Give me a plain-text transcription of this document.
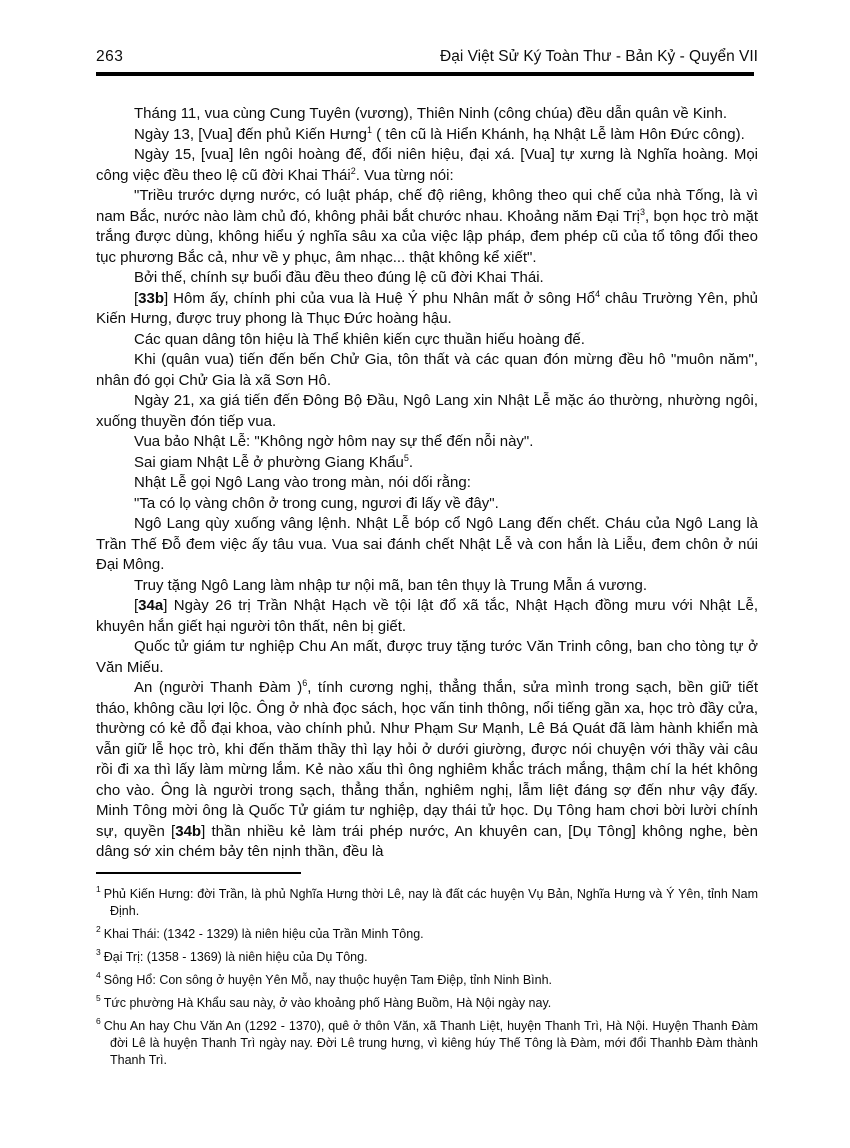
263	Đại Việt Sử Ký Toàn Thư - Bản Kỷ - Quyển VII

Tháng 11, vua cùng Cung Tuyên (vương), Thiên Ninh (công chúa) đều dẫn quân về Kinh.

Ngày 13, [Vua] đến phủ Kiến Hưng$^1$ ( tên cũ là Hiển Khánh, hạ Nhật Lễ làm Hôn Đức công).

Ngày 15, [vua] lên ngôi hoàng đế, đổi niên hiệu, đại xá. [Vua] tự xưng là Nghĩa hoàng. Mọi công việc đều theo lệ cũ đời Khai Thái$^2$. Vua từng nói:

"Triều trước dựng nước, có luật pháp, chế độ riêng, không theo qui chế của nhà Tống, là vì nam Bắc, nước nào làm chủ đó, không phải bắt chước nhau. Khoảng năm Đại Trị$^3$, bọn học trò mặt trắng được dùng, không hiểu ý nghĩa sâu xa của việc lập pháp, đem phép cũ của tổ tông đổi theo tục phương Bắc cả, như về y phục, âm nhạc... thật không kể xiết".

Bởi thế, chính sự buổi đầu đều theo đúng lệ cũ đời Khai Thái.

[33b] Hôm ấy, chính phi của vua là Huệ Ý phu Nhân mất ở sông Hổ$^4$ châu Trường Yên, phủ Kiến Hưng, được truy phong là Thục Đức hoàng hậu.

Các quan dâng tôn hiệu là Thể khiên kiến cực thuần hiếu hoàng đế.

Khi (quân vua) tiến đến bến Chử Gia, tôn thất và các quan đón mừng đều hô "muôn năm", nhân đó gọi Chử Gia là xã Sơn Hô.

Ngày 21, xa giá tiến đến Đông Bộ Đầu, Ngô Lang xin Nhật Lễ mặc áo thường, nhường ngôi, xuống thuyền đón tiếp vua.

Vua bảo Nhật Lễ: "Không ngờ hôm nay sự thể đến nỗi này".

Sai giam Nhật Lễ ở phường Giang Khẩu$^5$.

Nhật Lễ gọi Ngô Lang vào trong màn, nói dối rằng:

"Ta có lọ vàng chôn ở trong cung, ngươi đi lấy về đây".

Ngô Lang qùy xuống vâng lệnh. Nhật Lễ bóp cổ Ngô Lang đến chết. Cháu của Ngô Lang là Trần Thế Đỗ đem việc ấy tâu vua. Vua sai đánh chết Nhật Lễ và con hắn là Liễu, đem chôn ở núi Đại Mông.

Truy tặng Ngô Lang làm nhập tư nội mã, ban tên thụy là Trung Mẫn á vương.

[34a] Ngày 26 trị Trần Nhật Hạch về tội lật đổ xã tắc, Nhật Hạch đồng mưu với Nhật Lễ, khuyên hắn giết hại người tôn thất, nên bị giết.

Quốc tử giám tư nghiệp Chu An mất, được truy tặng tước Văn Trinh công, ban cho tòng tự ở Văn Miếu.

An (người Thanh Đàm )$^6$, tính cương nghị, thẳng thắn, sửa mình trong sạch, bền giữ tiết tháo, không cầu lợi lộc. Ông ở nhà đọc sách, học vấn tinh thông, nổi tiếng gần xa, học trò đầy cửa, thường có kẻ đỗ đại khoa, vào chính phủ. Như Phạm Sư Mạnh, Lê Bá Quát đã làm hành khiển mà vẫn giữ lễ học trò, khi đến thăm thầy thì lạy hỏi ở dưới giường, được nói chuyện với thầy vài câu rồi đi xa thì lấy làm mừng lắm. Kẻ nào xấu thì ông nghiêm khắc trách mắng, thậm chí la hét không cho vào. Ông là người trong sạch, thẳng thắn, nghiêm nghị, lẫm liệt đáng sợ đến như vậy đấy. Minh Tông mời ông là Quốc Tử giám tư nghiệp, dạy thái tử học. Dụ Tông ham chơi bời lười chính sự, quyền [34b] thần nhiều kẻ làm trái phép nước, An khuyên can, [Dụ Tông] không nghe, bèn dâng sớ xin chém bảy tên nịnh thần, đều là

$^1$ Phủ Kiến Hưng: đời Trần, là phủ Nghĩa Hưng thời Lê, nay là đất các huyện Vụ Bản, Nghĩa Hưng và Ý Yên, tỉnh Nam Định.
$^2$ Khai Thái: (1342 - 1329) là niên hiệu của Trần Minh Tông.
$^3$ Đại Trị: (1358 - 1369) là niên hiệu của Dụ Tông.
$^4$ Sông Hổ: Con sông ở huyện Yên Mỗ, nay thuộc huyện Tam Điệp, tỉnh Ninh Bình.
$^5$ Tức phường Hà Khẩu sau này, ở vào khoảng phố Hàng Buồm, Hà Nội ngày nay.
$^6$ Chu An hay Chu Văn An (1292 - 1370), quê ở thôn Văn, xã Thanh Liệt, huyện Thanh Trì, Hà Nội. Huyện Thanh Đàm đời Lê là huyện Thanh Trì ngày nay. Đời Lê trung hưng, vì kiêng húy Thế Tông là Đàm, mới đổi Thanhb Đàm thành Thanh Trì.
